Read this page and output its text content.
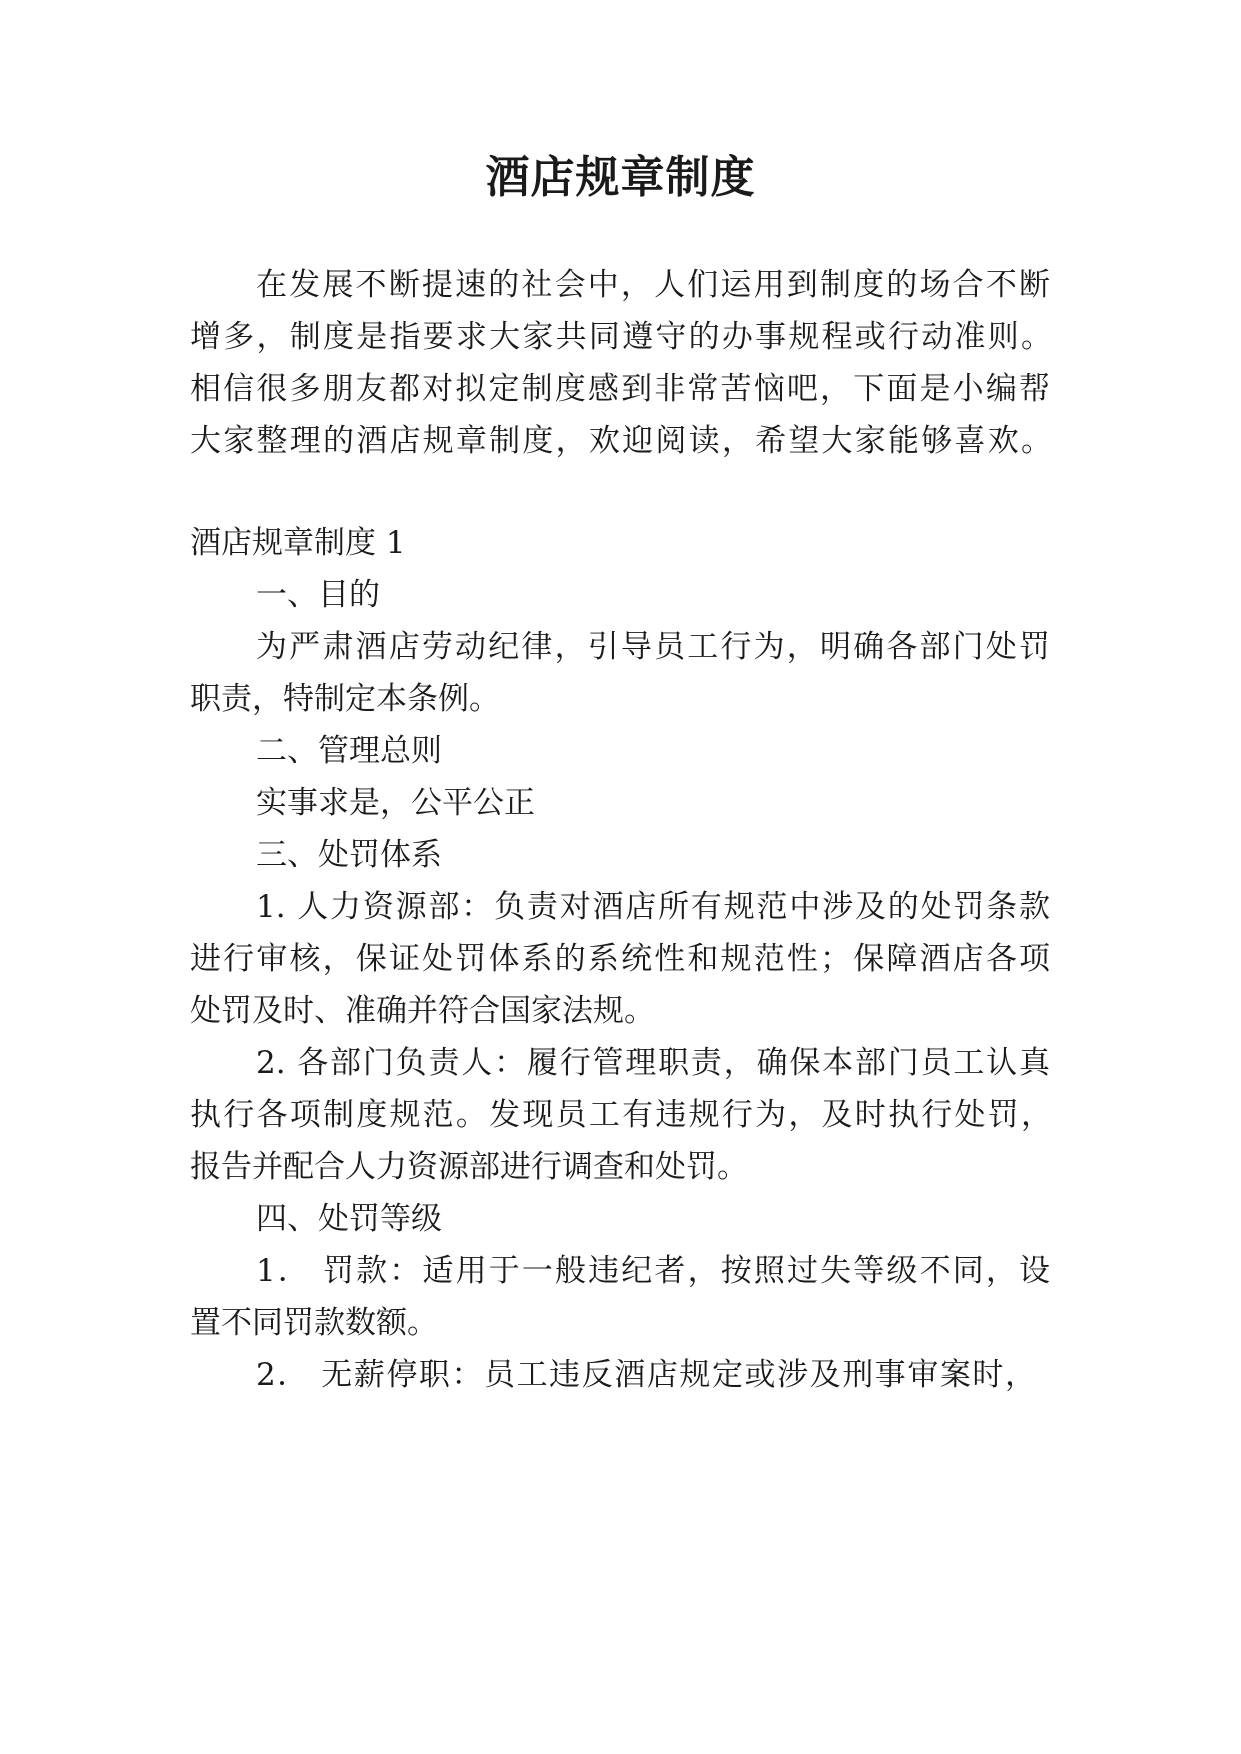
酒店规章制度
在发展不断提速的社会中，人们运用到制度的场合不断
增多，制度是指要求大家共同遵守的办事规程或行动准则。
相信很多朋友都对拟定制度感到非常苦恼吧，下面是小编帮
大家整理的酒店规章制度，欢迎阅读，希望大家能够喜欢。
酒店规章制度 1
一、目的
为严肃酒店劳动纪律，引导员工行为，明确各部门处罚
职责，特制定本条例。
二、管理总则
实事求是，公平公正
三、处罚体系
1. 人力资源部：负责对酒店所有规范中涉及的处罚条款
进行审核，保证处罚体系的系统性和规范性；保障酒店各项
处罚及时、准确并符合国家法规。
2. 各部门负责人：履行管理职责，确保本部门员工认真
执行各项制度规范。发现员工有违规行为，及时执行处罚，
报告并配合人力资源部进行调查和处罚。
四、处罚等级
1． 罚款：适用于一般违纪者，按照过失等级不同，设
置不同罚款数额。
2． 无薪停职：员工违反酒店规定或涉及刑事审案时，
